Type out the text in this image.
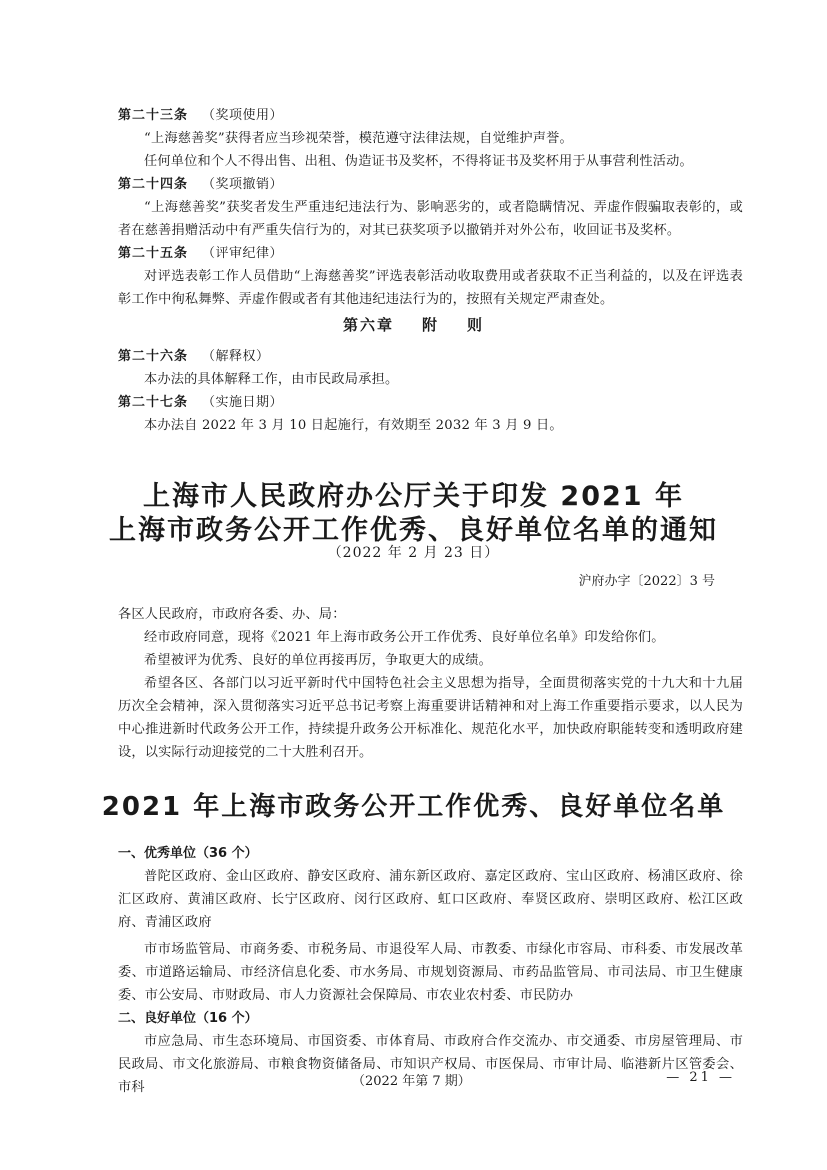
第二十三条 （奖项使用）

“上海慈善奖”获得者应当珍视荣誉，模范遵守法律法规，自觉维护声誉。

任何单位和个人不得出售、出租、伪造证书及奖杯，不得将证书及奖杯用于从事营利性活动。

第二十四条 （奖项撤销）

“上海慈善奖”获奖者发生严重违纪违法行为、影响恶劣的，或者隐瞒情况、弄虚作假骗取表彰的，或者在慈善捐赠活动中有严重失信行为的，对其已获奖项予以撤销并对外公布，收回证书及奖杯。

第二十五条 （评审纪律）

对评选表彰工作人员借助“上海慈善奖”评选表彰活动收取费用或者获取不正当利益的，以及在评选表彰工作中徇私舞弊、弄虚作假或者有其他违纪违法行为的，按照有关规定严肃查处。

第六章 附 则

第二十六条 （解释权）

本办法的具体解释工作，由市民政局承担。

第二十七条 （实施日期）

本办法自 2022 年 3 月 10 日起施行，有效期至 2032 年 3 月 9 日。

上海市人民政府办公厅关于印发 2021 年
上海市政务公开工作优秀、良好单位名单的通知
（2022 年 2 月 23 日）
沪府办字〔2022〕3 号

各区人民政府，市政府各委、办、局：

经市政府同意，现将《2021 年上海市政务公开工作优秀、良好单位名单》印发给你们。

希望被评为优秀、良好的单位再接再厉，争取更大的成绩。

希望各区、各部门以习近平新时代中国特色社会主义思想为指导，全面贯彻落实党的十九大和十九届历次全会精神，深入贯彻落实习近平总书记考察上海重要讲话精神和对上海工作重要指示要求，以人民为中心推进新时代政务公开工作，持续提升政务公开标准化、规范化水平，加快政府职能转变和透明政府建设，以实际行动迎接党的二十大胜利召开。

2021 年上海市政务公开工作优秀、良好单位名单

一、优秀单位（36 个）

普陀区政府、金山区政府、静安区政府、浦东新区政府、嘉定区政府、宝山区政府、杨浦区政府、徐汇区政府、黄浦区政府、长宁区政府、闵行区政府、虹口区政府、奉贤区政府、崇明区政府、松江区政府、青浦区政府

市市场监管局、市商务委、市税务局、市退役军人局、市教委、市绿化市容局、市科委、市发展改革委、市道路运输局、市经济信息化委、市水务局、市规划资源局、市药品监管局、市司法局、市卫生健康委、市公安局、市财政局、市人力资源社会保障局、市农业农村委、市民防办

二、良好单位（16 个）

市应急局、市生态环境局、市国资委、市体育局、市政府合作交流办、市交通委、市房屋管理局、市民政局、市文化旅游局、市粮食物资储备局、市知识产权局、市医保局、市审计局、临港新片区管委会、市科	（2022 年第 7 期）	— 21 —
